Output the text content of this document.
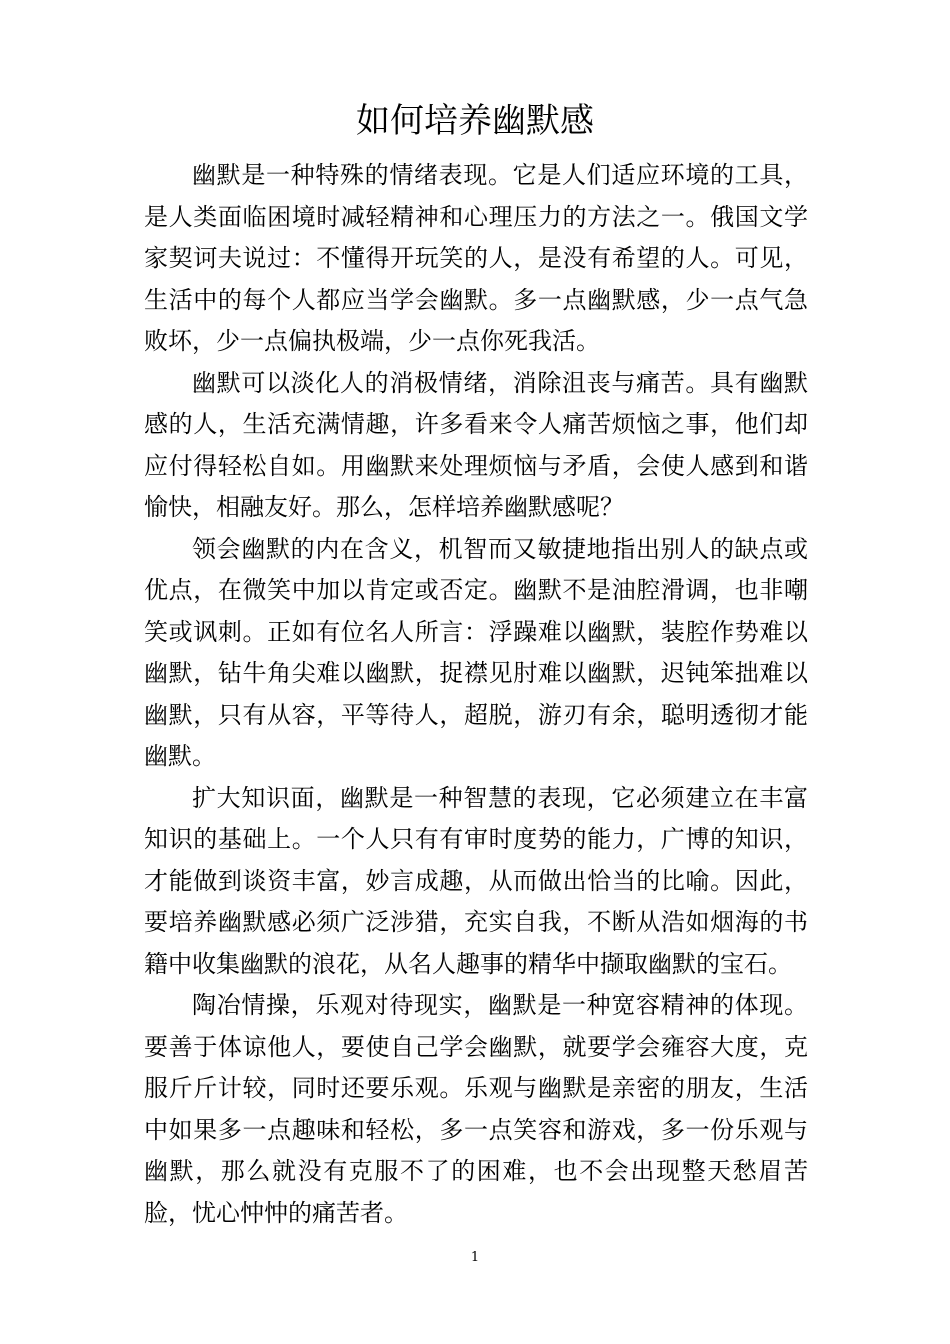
如何培养幽默感

幽默是一种特殊的情绪表现。它是人们适应环境的工具，是人类面临困境时减轻精神和心理压力的方法之一。俄国文学家契诃夫说过：不懂得开玩笑的人，是没有希望的人。可见，生活中的每个人都应当学会幽默。多一点幽默感，少一点气急败坏，少一点偏执极端，少一点你死我活。

幽默可以淡化人的消极情绪，消除沮丧与痛苦。具有幽默感的人，生活充满情趣，许多看来令人痛苦烦恼之事，他们却应付得轻松自如。用幽默来处理烦恼与矛盾，会使人感到和谐愉快，相融友好。那么，怎样培养幽默感呢？

领会幽默的内在含义，机智而又敏捷地指出别人的缺点或优点，在微笑中加以肯定或否定。幽默不是油腔滑调，也非嘲笑或讽刺。正如有位名人所言：浮躁难以幽默，装腔作势难以幽默，钻牛角尖难以幽默，捉襟见肘难以幽默，迟钝笨拙难以幽默，只有从容，平等待人，超脱，游刃有余，聪明透彻才能幽默。

扩大知识面，幽默是一种智慧的表现，它必须建立在丰富知识的基础上。一个人只有有审时度势的能力，广博的知识，才能做到谈资丰富，妙言成趣，从而做出恰当的比喻。因此，要培养幽默感必须广泛涉猎，充实自我，不断从浩如烟海的书籍中收集幽默的浪花，从名人趣事的精华中撷取幽默的宝石。

陶冶情操，乐观对待现实，幽默是一种宽容精神的体现。要善于体谅他人，要使自己学会幽默，就要学会雍容大度，克服斤斤计较，同时还要乐观。乐观与幽默是亲密的朋友，生活中如果多一点趣味和轻松，多一点笑容和游戏，多一份乐观与幽默，那么就没有克服不了的困难，也不会出现整天愁眉苦脸，忧心忡忡的痛苦者。

1
